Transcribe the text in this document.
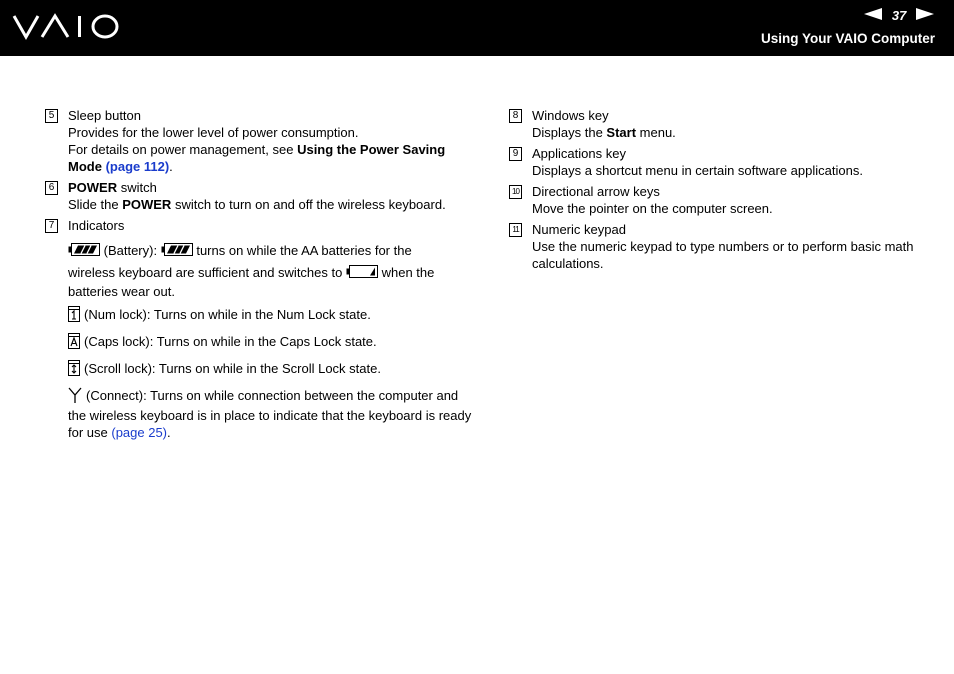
37
Using Your VAIO Computer
5 Sleep button
Provides for the lower level of power consumption.
For details on power management, see Using the Power Saving Mode (page 112).
6 POWER switch
Slide the POWER switch to turn on and off the wireless keyboard.
7 Indicators
(Battery):	turns on while the AA batteries for the
wireless keyboard are sufficient and switches to	when the
batteries wear out.
(Num lock): Turns on while in the Num Lock state.
(Caps lock): Turns on while in the Caps Lock state.
(Scroll lock): Turns on while in the Scroll Lock state.
(Connect): Turns on while connection between the computer and the wireless keyboard is in place to indicate that the keyboard is ready for use (page 25).
8 Windows key
Displays the Start menu.
9 Applications key
Displays a shortcut menu in certain software applications.
10 Directional arrow keys
Move the pointer on the computer screen.
11 Numeric keypad
Use the numeric keypad to type numbers or to perform basic math calculations.
